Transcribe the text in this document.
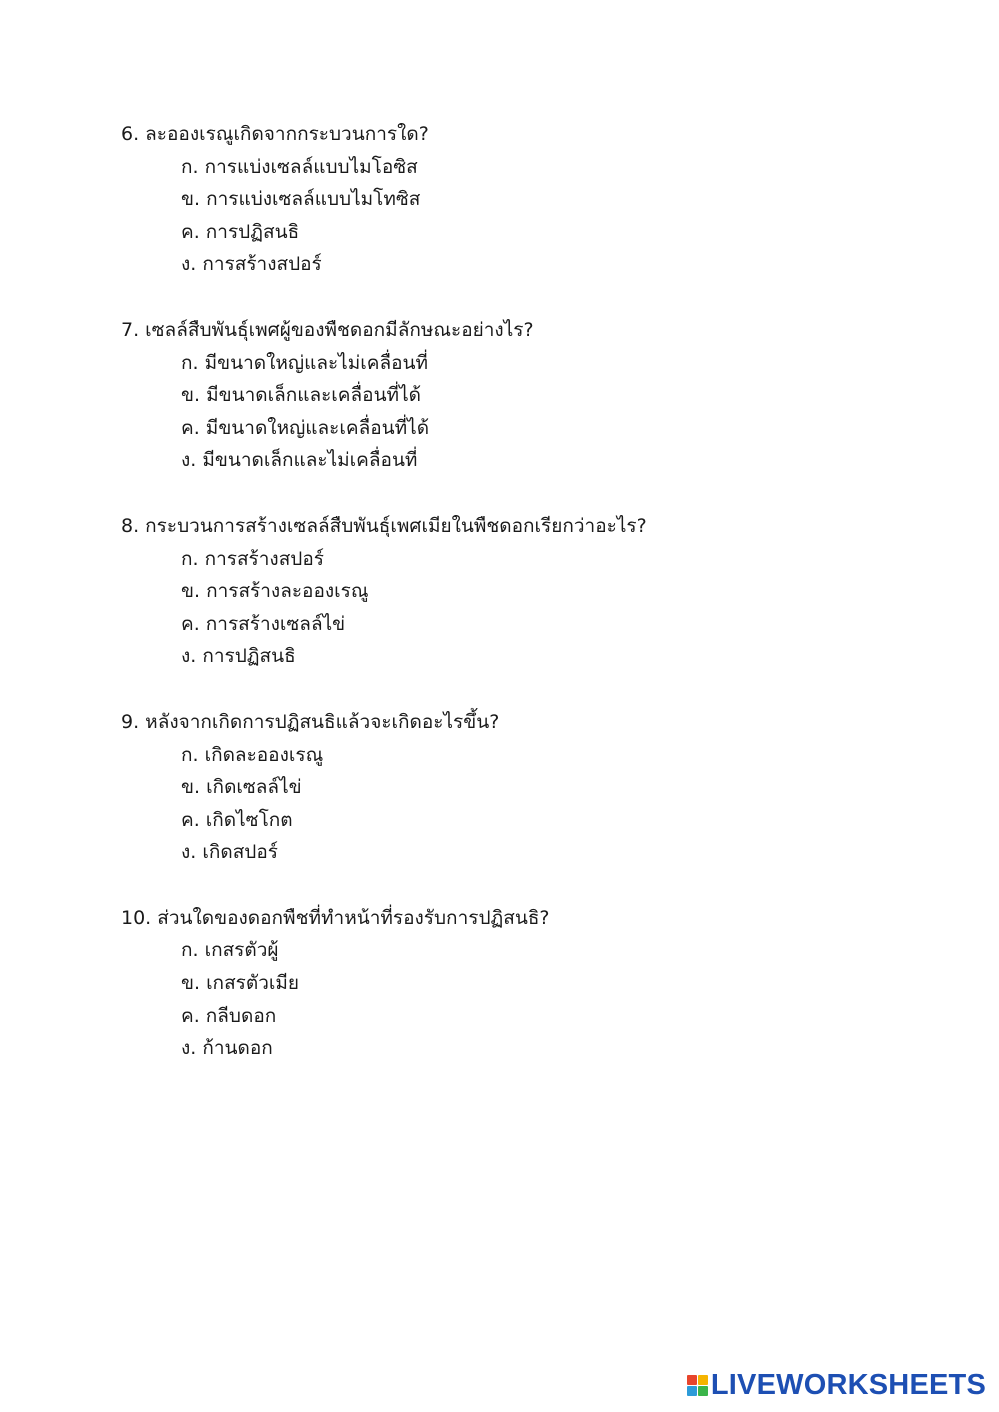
6. ละอองเรณูเกิดจากกระบวนการใด?
ก. การแบ่งเซลล์แบบไมโอซิส
ข. การแบ่งเซลล์แบบไมโทซิส
ค. การปฏิสนธิ
ง. การสร้างสปอร์
7. เซลล์สืบพันธุ์เพศผู้ของพืชดอกมีลักษณะอย่างไร?
ก. มีขนาดใหญ่และไม่เคลื่อนที่
ข. มีขนาดเล็กและเคลื่อนที่ได้
ค. มีขนาดใหญ่และเคลื่อนที่ได้
ง. มีขนาดเล็กและไม่เคลื่อนที่
8. กระบวนการสร้างเซลล์สืบพันธุ์เพศเมียในพืชดอกเรียกว่าอะไร?
ก. การสร้างสปอร์
ข. การสร้างละอองเรณู
ค. การสร้างเซลล์ไข่
ง. การปฏิสนธิ
9. หลังจากเกิดการปฏิสนธิแล้วจะเกิดอะไรขึ้น?
ก. เกิดละอองเรณู
ข. เกิดเซลล์ไข่
ค. เกิดไซโกต
ง. เกิดสปอร์
10. ส่วนใดของดอกพืชที่ทำหน้าที่รองรับการปฏิสนธิ?
ก. เกสรตัวผู้
ข. เกสรตัวเมีย
ค. กลีบดอก
ง. ก้านดอก
LIVEWORKSHEETS
